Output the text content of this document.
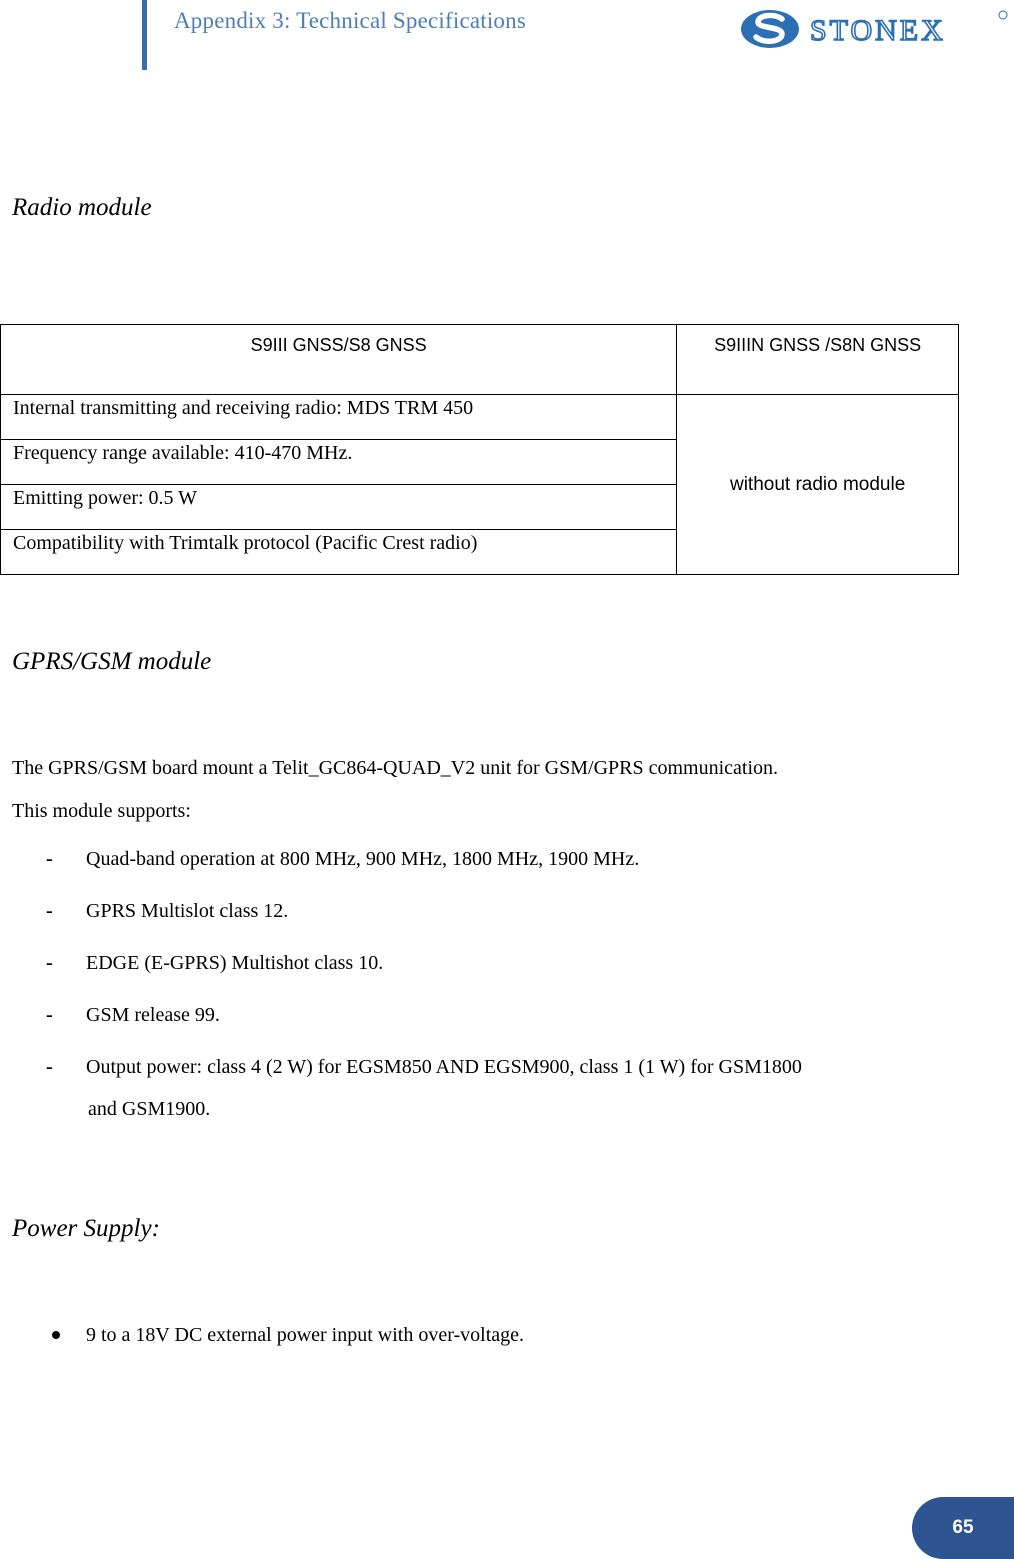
Appendix 3: Technical Specifications	STONEX
Radio module
S9III GNSS/S8 GNSS	S9IIIN GNSS /S8N GNSS
Internal transmitting and receiving radio: MDS TRM 450	without radio module
Frequency range available: 410-470 MHz.	
Emitting power: 0.5 W	
Compatibility with Trimtalk protocol (Pacific Crest radio)	
GPRS/GSM module
The GPRS/GSM board mount a Telit_GC864-QUAD_V2 unit for GSM/GPRS communication.
This module supports:
- Quad-band operation at 800 MHz, 900 MHz, 1800 MHz, 1900 MHz.
- GPRS Multislot class 12.
- EDGE (E-GPRS) Multishot class 10.
- GSM release 99.
- Output power: class 4 (2 W) for EGSM850 AND EGSM900, class 1 (1 W) for GSM1800
and GSM1900.
Power Supply:
9 to a 18V DC external power input with over-voltage.
65
